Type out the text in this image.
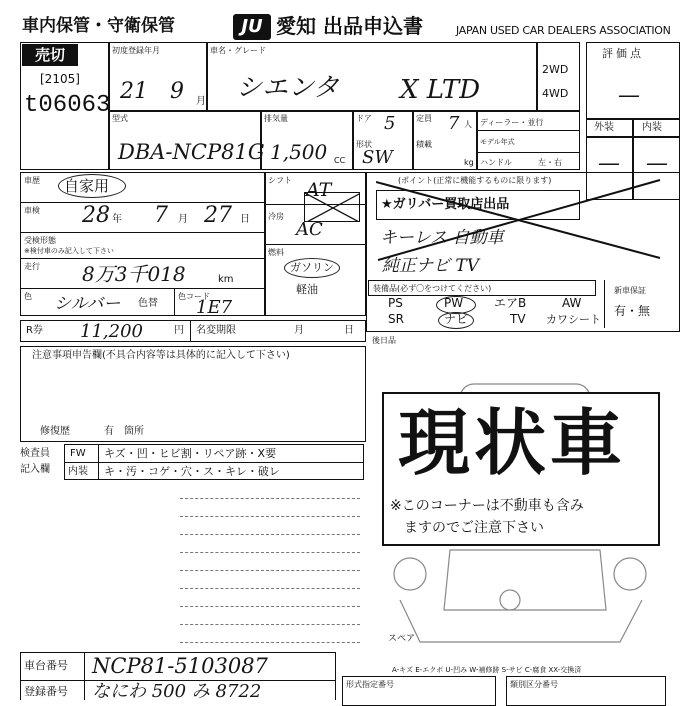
車内保管・守衛保管	JU 愛知 出品申込書	JAPAN USED CAR DEALERS ASSOCIATION
売切
[2105]
t06063
初度登録年月
21 9 月
車名・グレード
シエンタ X LTD
2WD
4WD
評価点
—
外装	内装
— —
型式
DBA-NCP81G
排気量
1,500 CC
ドア 5
形状
SW
定員 7 人
積載
kg
ディーラー・並行
モデル年式
ハンドル	左・右
車歴 自家用
車検 28 年 7 月 27 日
受検形態
※検付車のみ記入して下さい
走行 8万3千018	km
色 シルバー 色替
色コード
1E7
シフト AT
冷房
AC
燃料
ガソリン
軽油
(ポイント(正常に機能するものに限ります)
★ガリバー買取店出品
キーレス 自動車
純正ナビ TV
装備品(必ず〇をつけてください)	新車保証
有・無
PS	PW	エアB	AW
SR	ナビ	TV カワシート
R券 11,200	円 名変期限	月	日
後日品
注意事項申告欄(不具合内容等は具体的に記入して下さい)
修復歴	有 箇所
検査員
記入欄
FW キズ・凹・ヒビ割・リペア跡・X要
内装 キ・汚・コゲ・穴・ス・キレ・破レ 現状車
※このコーナーは不動車も含み
ますのでご注意下さい
スペア
A-キズ E-エクボ U-凹み W-補修跡 S-サビ C-腐食 XX-交換済
車台番号 NCP81-5103087
登録番号 なにわ 500 み 8722	形式指定番号	類別区分番号
